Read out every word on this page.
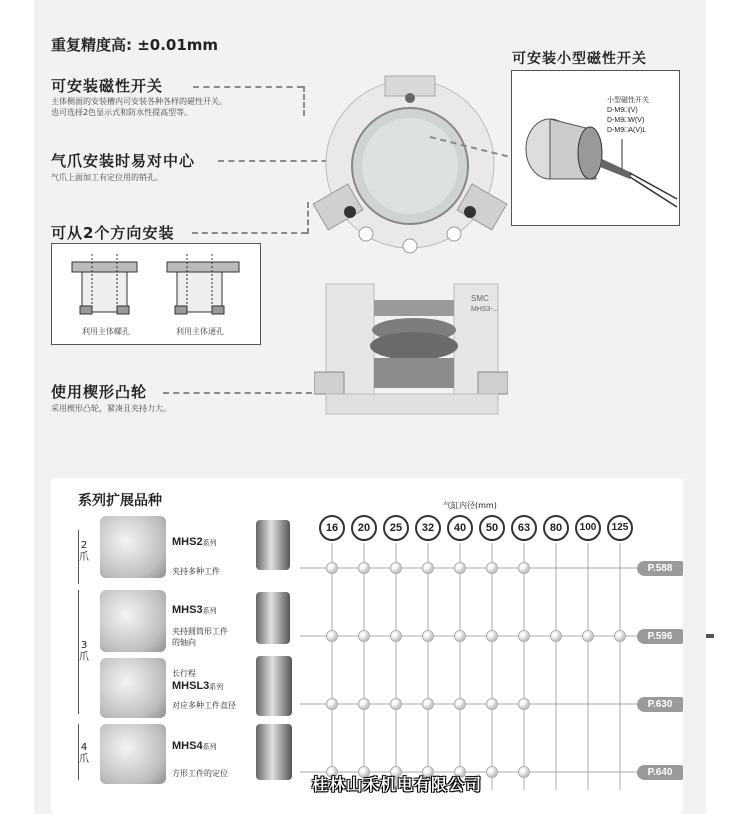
重复精度高: ±0.01mm
可安装磁性开关
主体侧面的安装槽内可安装各种各样的磁性开关。
也可选择2色显示式和防水性提高型等。
气爪安装时易对中心
气爪上面加工有定位用的销孔。
可从2个方向安装
利用主体螺孔	利用主体通孔
使用楔形凸轮
采用楔形凸轮，紧凑且夹持力大。
SMC
MHS3-...
可安装小型磁性开关
小型磁性开关
D-M9□(V)
D-M9□W(V)
D-M9□A(V)L
系列扩展品种	气缸内径(mm)
16	20	25	32	40	50	63	80	100	125
2
爪
3
爪
4
爪
MHS2系列
夹持多种工件
MHS3系列
夹持圆筒形工件
的轴向
长行程
MHSL3系列
对应多种工件直径
MHS4系列
方形工件的定位
P.588
P.596
P.630
P.640
桂林山禾机电有限公司
